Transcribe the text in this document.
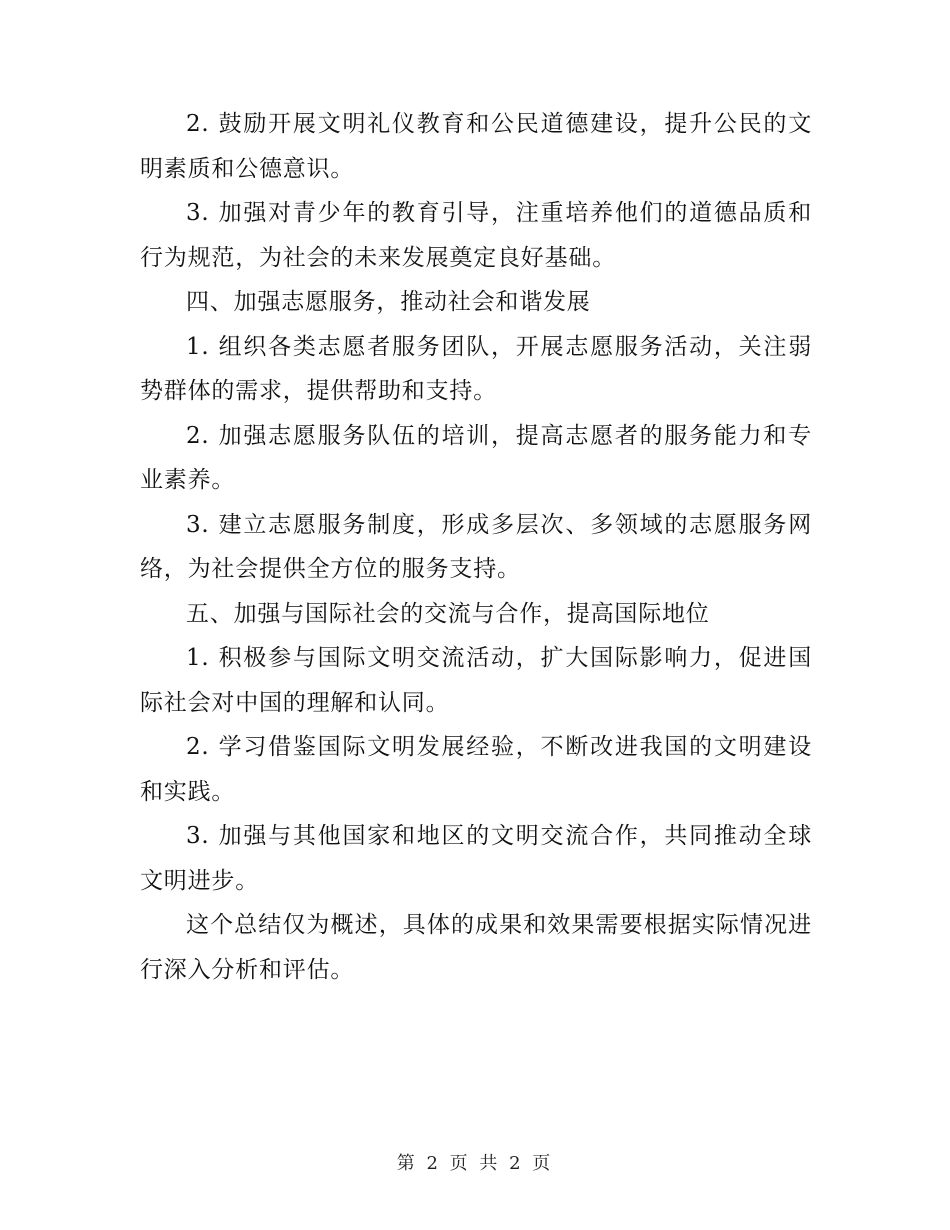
2. 鼓励开展文明礼仪教育和公民道德建设，提升公民的文明素质和公德意识。

3. 加强对青少年的教育引导，注重培养他们的道德品质和行为规范，为社会的未来发展奠定良好基础。

四、加强志愿服务，推动社会和谐发展

1. 组织各类志愿者服务团队，开展志愿服务活动，关注弱势群体的需求，提供帮助和支持。

2. 加强志愿服务队伍的培训，提高志愿者的服务能力和专业素养。

3. 建立志愿服务制度，形成多层次、多领域的志愿服务网络，为社会提供全方位的服务支持。

五、加强与国际社会的交流与合作，提高国际地位

1. 积极参与国际文明交流活动，扩大国际影响力，促进国际社会对中国的理解和认同。

2. 学习借鉴国际文明发展经验，不断改进我国的文明建设和实践。

3. 加强与其他国家和地区的文明交流合作，共同推动全球文明进步。

这个总结仅为概述，具体的成果和效果需要根据实际情况进行深入分析和评估。

第 2 页 共 2 页
